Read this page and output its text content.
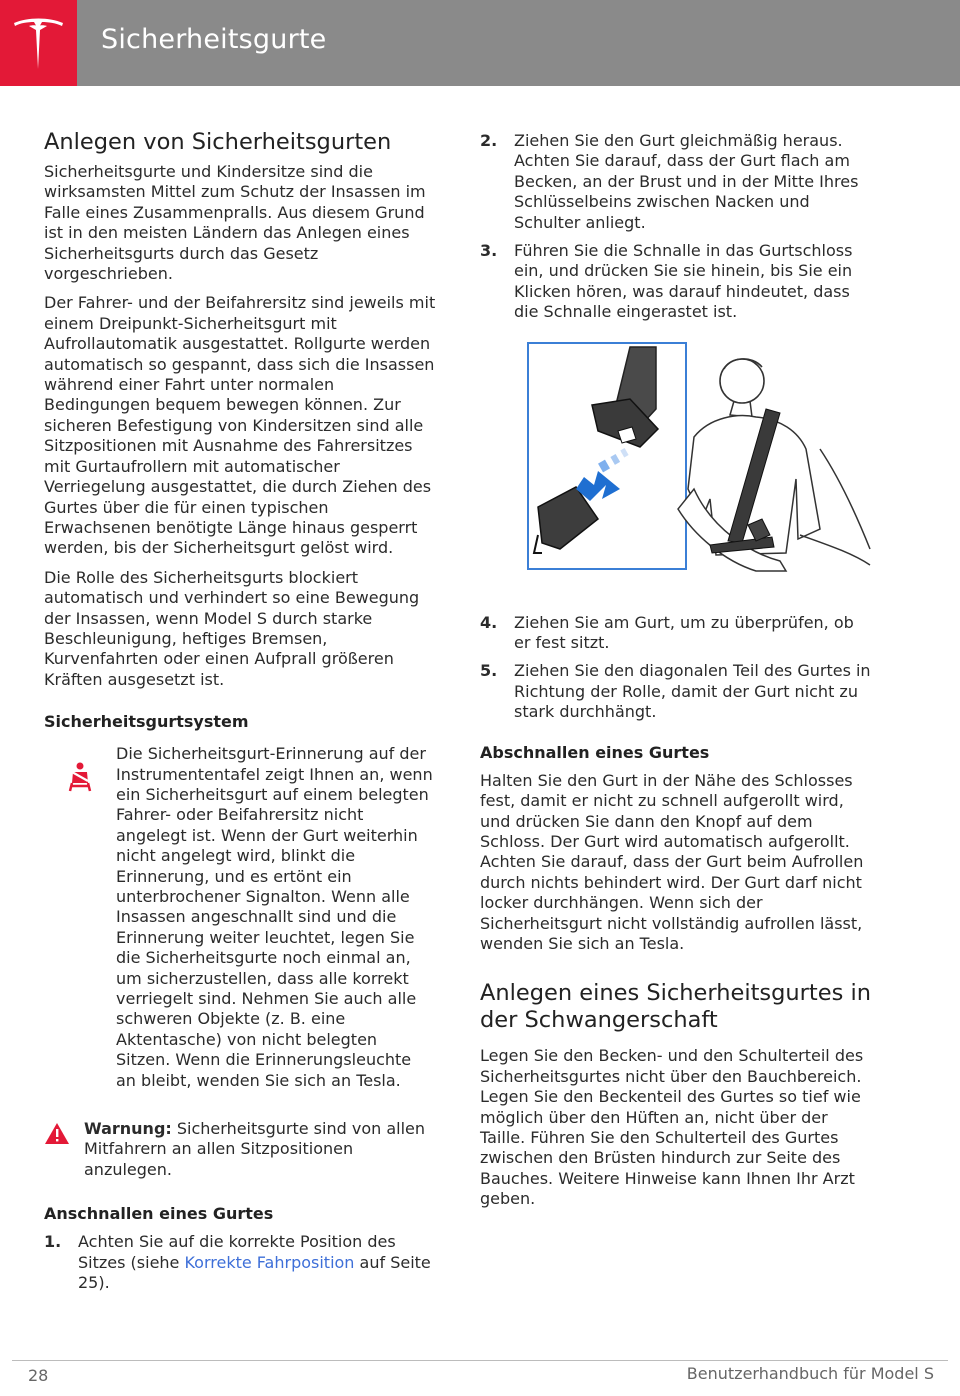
Sicherheitsgurte
Anlegen von Sicherheitsgurten

Sicherheitsgurte und Kindersitze sind die wirksamsten Mittel zum Schutz der Insassen im Falle eines Zusammenpralls. Aus diesem Grund ist in den meisten Ländern das Anlegen eines Sicherheitsgurts durch das Gesetz vorgeschrieben.

Der Fahrer- und der Beifahrersitz sind jeweils mit einem Dreipunkt-Sicherheitsgurt mit Aufrollautomatik ausgestattet. Rollgurte werden automatisch so gespannt, dass sich die Insassen während einer Fahrt unter normalen Bedingungen bequem bewegen können. Zur sicheren Befestigung von Kindersitzen sind alle Sitzpositionen mit Ausnahme des Fahrersitzes mit Gurtaufrollern mit automatischer Verriegelung ausgestattet, die durch Ziehen des Gurtes über die für einen typischen Erwachsenen benötigte Länge hinaus gesperrt werden, bis der Sicherheitsgurt gelöst wird.

Die Rolle des Sicherheitsgurts blockiert automatisch und verhindert so eine Bewegung der Insassen, wenn Model S durch starke Beschleunigung, heftiges Bremsen, Kurvenfahrten oder einen Aufprall größeren Kräften ausgesetzt ist.

Sicherheitsgurtsystem
Die Sicherheitsgurt-Erinnerung auf der Instrumententafel zeigt Ihnen an, wenn ein Sicherheitsgurt auf einem belegten Fahrer- oder Beifahrersitz nicht angelegt ist. Wenn der Gurt weiterhin nicht angelegt wird, blinkt die Erinnerung, und es ertönt ein unterbrochener Signalton. Wenn alle Insassen angeschnallt sind und die Erinnerung weiter leuchtet, legen Sie die Sicherheitsgurte noch einmal an, um sicherzustellen, dass alle korrekt verriegelt sind. Nehmen Sie auch alle schweren Objekte (z. B. eine Aktentasche) von nicht belegten Sitzen. Wenn die Erinnerungsleuchte an bleibt, wenden Sie sich an Tesla.
Warnung: Sicherheitsgurte sind von allen Mitfahrern an allen Sitzpositionen anzulegen.
Anschnallen eines Gurtes
1.	Achten Sie auf die korrekte Position des Sitzes (siehe Korrekte Fahrposition auf Seite 25).
2.	Ziehen Sie den Gurt gleichmäßig heraus. Achten Sie darauf, dass der Gurt flach am Becken, an der Brust und in der Mitte Ihres Schlüsselbeins zwischen Nacken und Schulter anliegt.
3.	Führen Sie die Schnalle in das Gurtschloss ein, und drücken Sie sie hinein, bis Sie ein Klicken hören, was darauf hindeutet, dass die Schnalle eingerastet ist.
4.	Ziehen Sie am Gurt, um zu überprüfen, ob er fest sitzt.
5.	Ziehen Sie den diagonalen Teil des Gurtes in Richtung der Rolle, damit der Gurt nicht zu stark durchhängt.
Abschnallen eines Gurtes

Halten Sie den Gurt in der Nähe des Schlosses fest, damit er nicht zu schnell aufgerollt wird, und drücken Sie dann den Knopf auf dem Schloss. Der Gurt wird automatisch aufgerollt. Achten Sie darauf, dass der Gurt beim Aufrollen durch nichts behindert wird. Der Gurt darf nicht locker durchhängen. Wenn sich der Sicherheitsgurt nicht vollständig aufrollen lässt, wenden Sie sich an Tesla.

Anlegen eines Sicherheitsgurtes in der Schwangerschaft

Legen Sie den Becken- und den Schulterteil des Sicherheitsgurtes nicht über den Bauchbereich. Legen Sie den Beckenteil des Gurtes so tief wie möglich über den Hüften an, nicht über der Taille. Führen Sie den Schulterteil des Gurtes zwischen den Brüsten hindurch zur Seite des Bauches. Weitere Hinweise kann Ihnen Ihr Arzt geben.

28	Benutzerhandbuch für Model S
